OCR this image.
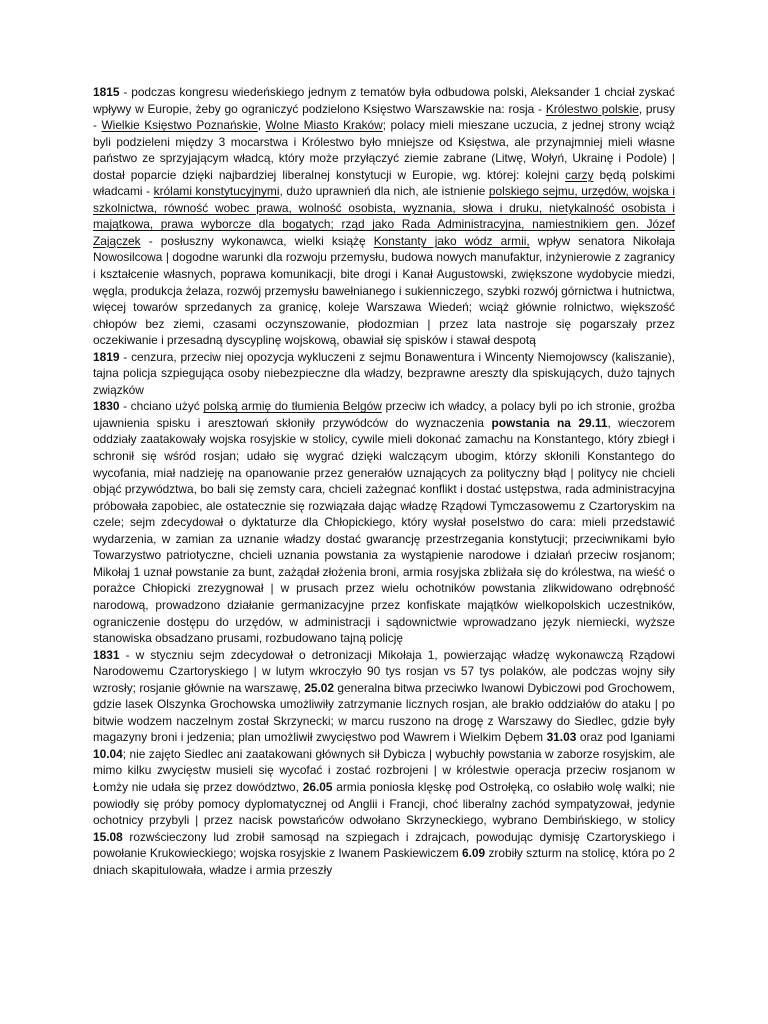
1815 - podczas kongresu wiedeńskiego jednym z tematów była odbudowa polski, Aleksander 1 chciał zyskać wpływy w Europie, żeby go ograniczyć podzielono Księstwo Warszawskie na: rosja - Królestwo polskie, prusy - Wielkie Księstwo Poznańskie, Wolne Miasto Kraków; polacy mieli mieszane uczucia, z jednej strony wciąż byli podzieleni między 3 mocarstwa i Królestwo było mniejsze od Księstwa, ale przynajmniej mieli własne państwo ze sprzyjającym władcą, który może przyłączyć ziemie zabrane (Litwę, Wołyń, Ukrainę i Podole) | dostał poparcie dzięki najbardziej liberalnej konstytucji w Europie, wg. której: kolejni carzy będą polskimi władcami - królami konstytucyjnymi, dużo uprawnień dla nich, ale istnienie polskiego sejmu, urzędów, wojska i szkolnictwa, równość wobec prawa, wolność osobista, wyznania, słowa i druku, nietykalność osobista i majątkowa, prawa wyborcze dla bogatych; rząd jako Rada Administracyjna, namiestnikiem gen. Józef Zajączek - posłuszny wykonawca, wielki książę Konstanty jako wódz armii, wpływ senatora Nikołaja Nowosilcowa | dogodne warunki dla rozwoju przemysłu, budowa nowych manufaktur, inżynierowie z zagranicy i kształcenie własnych, poprawa komunikacji, bite drogi i Kanał Augustowski, zwiększone wydobycie miedzi, węgla, produkcja żelaza, rozwój przemysłu bawełnianego i sukienniczego, szybki rozwój górnictwa i hutnictwa, więcej towarów sprzedanych za granicę, koleje Warszawa Wiedeń; wciąż głównie rolnictwo, większość chłopów bez ziemi, czasami oczynszowanie, płodozmian | przez lata nastroje się pogarszały przez oczekiwanie i przesadną dyscyplinę wojskową, obawiał się spisków i stawał despotą

1819 - cenzura, przeciw niej opozycja wykluczeni z sejmu Bonawentura i Wincenty Niemojowscy (kaliszanie), tajna policja szpiegująca osoby niebezpieczne dla władzy, bezprawne areszty dla spiskujących, dużo tajnych związków

1830 - chciano użyć polską armię do tłumienia Belgów przeciw ich władcy, a polacy byli po ich stronie, groźba ujawnienia spisku i aresztowań skłoniły przywódców do wyznaczenia powstania na 29.11, wieczorem oddziały zaatakowały wojska rosyjskie w stolicy, cywile mieli dokonać zamachu na Konstantego, który zbiegł i schronił się wśród rosjan; udało się wygrać dzięki walczącym ubogim, którzy skłonili Konstantego do wycofania, miał nadzieję na opanowanie przez generałów uznających za polityczny błąd | politycy nie chcieli objąć przywództwa, bo bali się zemsty cara, chcieli zażegnać konflikt i dostać ustępstwa, rada administracyjna próbowała zapobiec, ale ostatecznie się rozwiązała dając władzę Rządowi Tymczasowemu z Czartoryskim na czele; sejm zdecydował o dyktaturze dla Chłopickiego, który wysłał poselstwo do cara: mieli przedstawić wydarzenia, w zamian za uznanie władzy dostać gwarancję przestrzegania konstytucji; przeciwnikami było Towarzystwo patriotyczne, chcieli uznania powstania za wystąpienie narodowe i działań przeciw rosjanom; Mikołaj 1 uznał powstanie za bunt, zażądał złożenia broni, armia rosyjska zbliżała się do królestwa, na wieść o porażce Chłopicki zrezygnował | w prusach przez wielu ochotników powstania zlikwidowano odrębność narodową, prowadzono działanie germanizacyjne przez konfiskate majątków wielkopolskich uczestników, ograniczenie dostępu do urzędów, w administracji i sądownictwie wprowadzano język niemiecki, wyższe stanowiska obsadzano prusami, rozbudowano tajną policję

1831 - w styczniu sejm zdecydował o detronizacji Mikołaja 1, powierzając władzę wykonawczą Rządowi Narodowemu Czartoryskiego | w lutym wkroczyło 90 tys rosjan vs 57 tys polaków, ale podczas wojny siły wzrosły; rosjanie głównie na warszawę, 25.02 generalna bitwa przeciwko Iwanowi Dybiczowi pod Grochowem, gdzie lasek Olszynka Grochowska umożliwiły zatrzymanie licznych rosjan, ale brakło oddziałów do ataku | po bitwie wodzem naczelnym został Skrzynecki; w marcu ruszono na drogę z Warszawy do Siedlec, gdzie były magazyny broni i jedzenia; plan umożliwił zwycięstwo pod Wawrem i Wielkim Dębem 31.03 oraz pod Iganiami 10.04; nie zajęto Siedlec ani zaatakowani głównych sił Dybicza | wybuchły powstania w zaborze rosyjskim, ale mimo kilku zwycięstw musieli się wycofać i zostać rozbrojeni | w królestwie operacja przeciw rosjanom w Łomży nie udała się przez dowództwo, 26.05 armia poniosła klęskę pod Ostrołęką, co osłabiło wolę walki; nie powiodły się próby pomocy dyplomatycznej od Anglii i Francji, choć liberalny zachód sympatyzował, jedynie ochotnicy przybyli | przez nacisk powstańców odwołano Skrzyneckiego, wybrano Dembińskiego, w stolicy 15.08 rozwścieczony lud zrobił samosąd na szpiegach i zdrajcach, powodując dymisję Czartoryskiego i powołanie Krukowieckiego; wojska rosyjskie z Iwanem Paskiewiczem 6.09 zrobiły szturm na stolicę, która po 2 dniach skapitulowała, władze i armia przeszły
